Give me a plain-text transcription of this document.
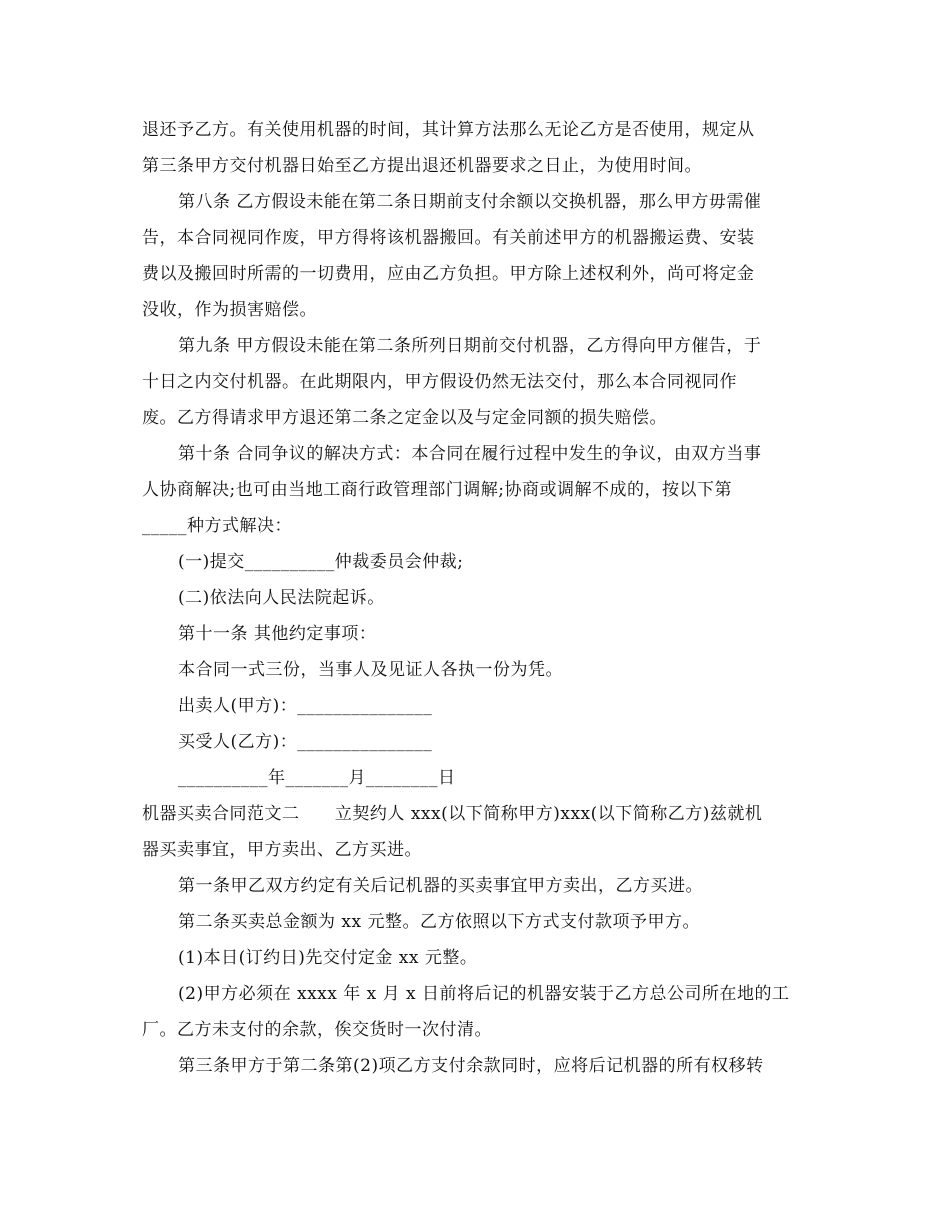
退还予乙方。有关使用机器的时间，其计算方法那么无论乙方是否使用，规定从
第三条甲方交付机器日始至乙方提出退还机器要求之日止，为使用时间。
第八条 乙方假设未能在第二条日期前支付余额以交换机器，那么甲方毋需催
告，本合同视同作废，甲方得将该机器搬回。有关前述甲方的机器搬运费、安装
费以及搬回时所需的一切费用，应由乙方负担。甲方除上述权利外，尚可将定金
没收，作为损害赔偿。
第九条 甲方假设未能在第二条所列日期前交付机器，乙方得向甲方催告，于
十日之内交付机器。在此期限内，甲方假设仍然无法交付，那么本合同视同作
废。乙方得请求甲方退还第二条之定金以及与定金同额的损失赔偿。
第十条 合同争议的解决方式：本合同在履行过程中发生的争议，由双方当事
人协商解决;也可由当地工商行政管理部门调解;协商或调解不成的，按以下第
_____种方式解决：
(一)提交__________仲裁委员会仲裁;
(二)依法向人民法院起诉。
第十一条 其他约定事项：
本合同一式三份，当事人及见证人各执一份为凭。
出卖人(甲方)：_______________
买受人(乙方)：_______________
__________年_______月________日
机器买卖合同范文二      立契约人 xxx(以下简称甲方)xxx(以下简称乙方)兹就机
器买卖事宜，甲方卖出、乙方买进。
第一条甲乙双方约定有关后记机器的买卖事宜甲方卖出，乙方买进。
第二条买卖总金额为 xx 元整。乙方依照以下方式支付款项予甲方。
(1)本日(订约日)先交付定金 xx 元整。
(2)甲方必须在 xxxx 年 x 月 x 日前将后记的机器安装于乙方总公司所在地的工
厂。乙方未支付的余款，俟交货时一次付清。
第三条甲方于第二条第(2)项乙方支付余款同时，应将后记机器的所有权移转
